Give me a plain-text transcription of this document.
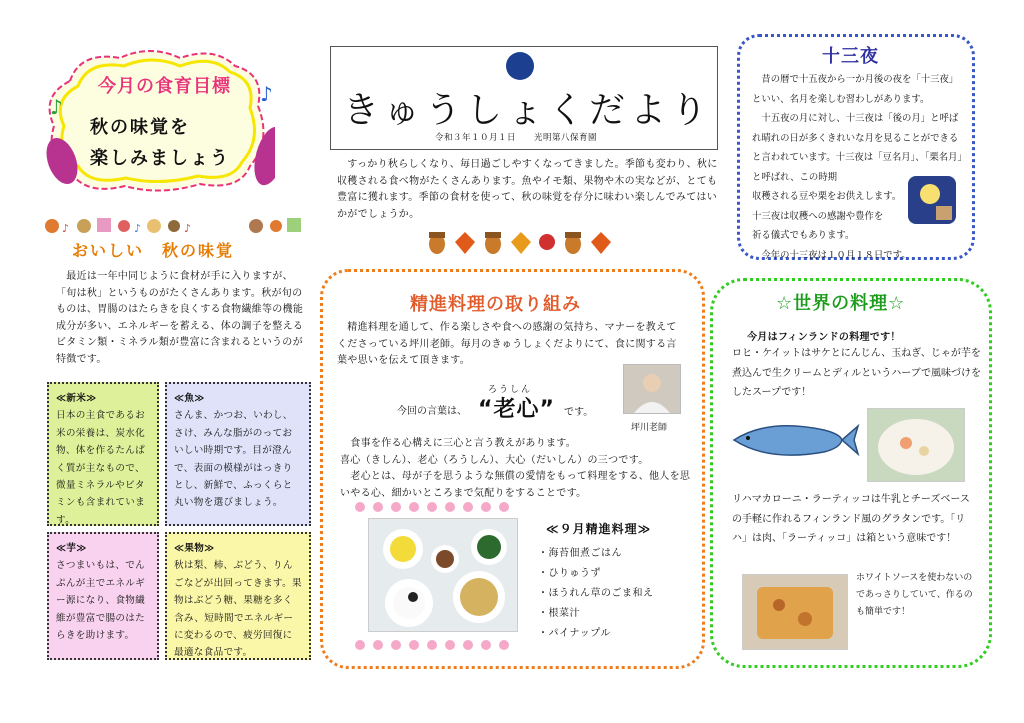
♪
♪
今月の食育目標
秋の味覚を
楽しみましょう
♪	♪	♪
おいしい　秋の味覚
　最近は一年中同じように食材が手に入りますが、「旬は秋」というものがたくさんあります。秋が旬のものは、胃腸のはたらきを良くする食物繊維等の機能成分が多い、エネルギーを蓄える、体の調子を整えるビタミン類・ミネラル類が豊富に含まれるというのが特徴です。
≪新米≫
日本の主食であるお米の栄養は、炭水化物、体を作るたんぱく質が主なもので、微量ミネラルやビタミンも含まれています。
≪魚≫
さんま、かつお、いわし、さけ、みんな脂がのっておいしい時期です。目が澄んで、表面の模様がはっきりとし、新鮮で、ふっくらと丸い物を選びましょう。
≪芋≫
さつまいもは、でんぷんが主でエネルギー源になり、食物繊維が豊富で腸のはたらきを助けます。
≪果物≫
秋は梨、柿、ぶどう、りんごなどが出回ってきます。果物はぶどう糖、果糖を多く含み、短時間でエネルギーに変わるので、疲労回復に最適な食品です。
きゅうしょくだより
令和３年１０月１日　　光明第八保育園
　すっかり秋らしくなり、毎日過ごしやすくなってきました。季節も変わり、秋に収穫される食べ物がたくさんあります。魚やイモ類、果物や木の実などが、とても豊富に獲れます。季節の食材を使って、秋の味覚を存分に味わい楽しんでみてはいかがでしょうか。
精進料理の取り組み
　精進料理を通して、作る楽しさや食への感謝の気持ち、マナーを教えてくださっている坪川老師。毎月のきゅうしょくだよりにて、食に関する言葉や思いを伝えて頂きます。
今回の言葉は、
ろうしん
“老心” です。
坪川老師
　食事を作る心構えに三心と言う教えがあります。
喜心（きしん）、老心（ろうしん）、大心（だいしん）の三つです。
　老心とは、母が子を思うような無償の愛情をもって料理をする、他人を思いやる心、細かいところまで気配りをすることです。
≪９月精進料理≫
・海苔佃煮ごはん
・ひりゅうず
・ほうれん草のごま和え
・根菜汁
・パイナップル
十三夜
　昔の暦で十五夜から一か月後の夜を「十三夜」といい、名月を楽しむ習わしがあります。
　十五夜の月に対し、十三夜は「後の月」と呼ばれ晴れの日が多くきれいな月を見ることができると言われています。十三夜は「豆名月」、「栗名月」と呼ばれ、この時期
収穫される豆や栗をお供えします。
十三夜は収穫への感謝や豊作を
祈る儀式でもあります。
　今年の十三夜は１０月１８日です。
☆世界の料理☆
今月はフィンランドの料理です！
ロヒ・ケイットはサケとにんじん、玉ねぎ、じゃが芋を煮込んで生クリームとディルというハーブで風味づけをしたスープです！
リハマカローニ・ラーティッコは牛乳とチーズベースの手軽に作れるフィンランド風のグラタンです。「リハ」は肉、「ラーティッコ」は箱という意味です！
ホワイトソースを使わないのであっさりしていて、作るのも簡単です！
